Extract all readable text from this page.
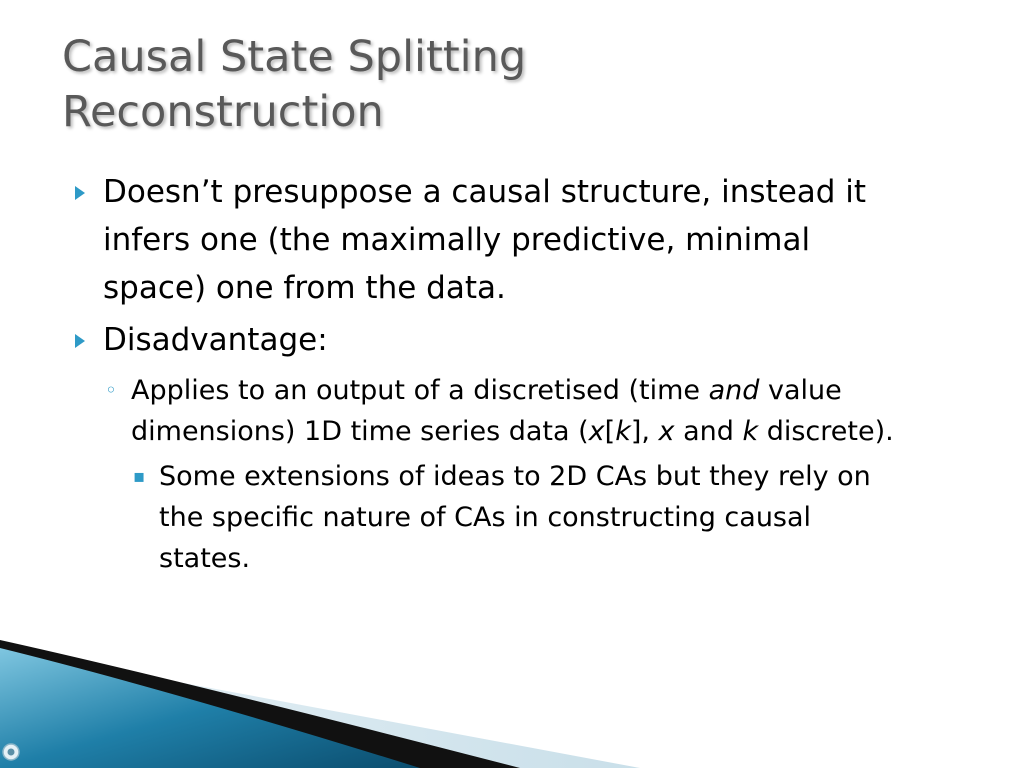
Causal State Splitting
Reconstruction
Doesn’t presuppose a causal structure, instead it infers one (the maximally predictive, minimal space) one from the data.
Disadvantage:
◦ Applies to an output of a discretised (time and value dimensions) 1D time series data (x[k], x and k discrete).
▪ Some extensions of ideas to 2D CAs but they rely on the specific nature of CAs in constructing causal states.
